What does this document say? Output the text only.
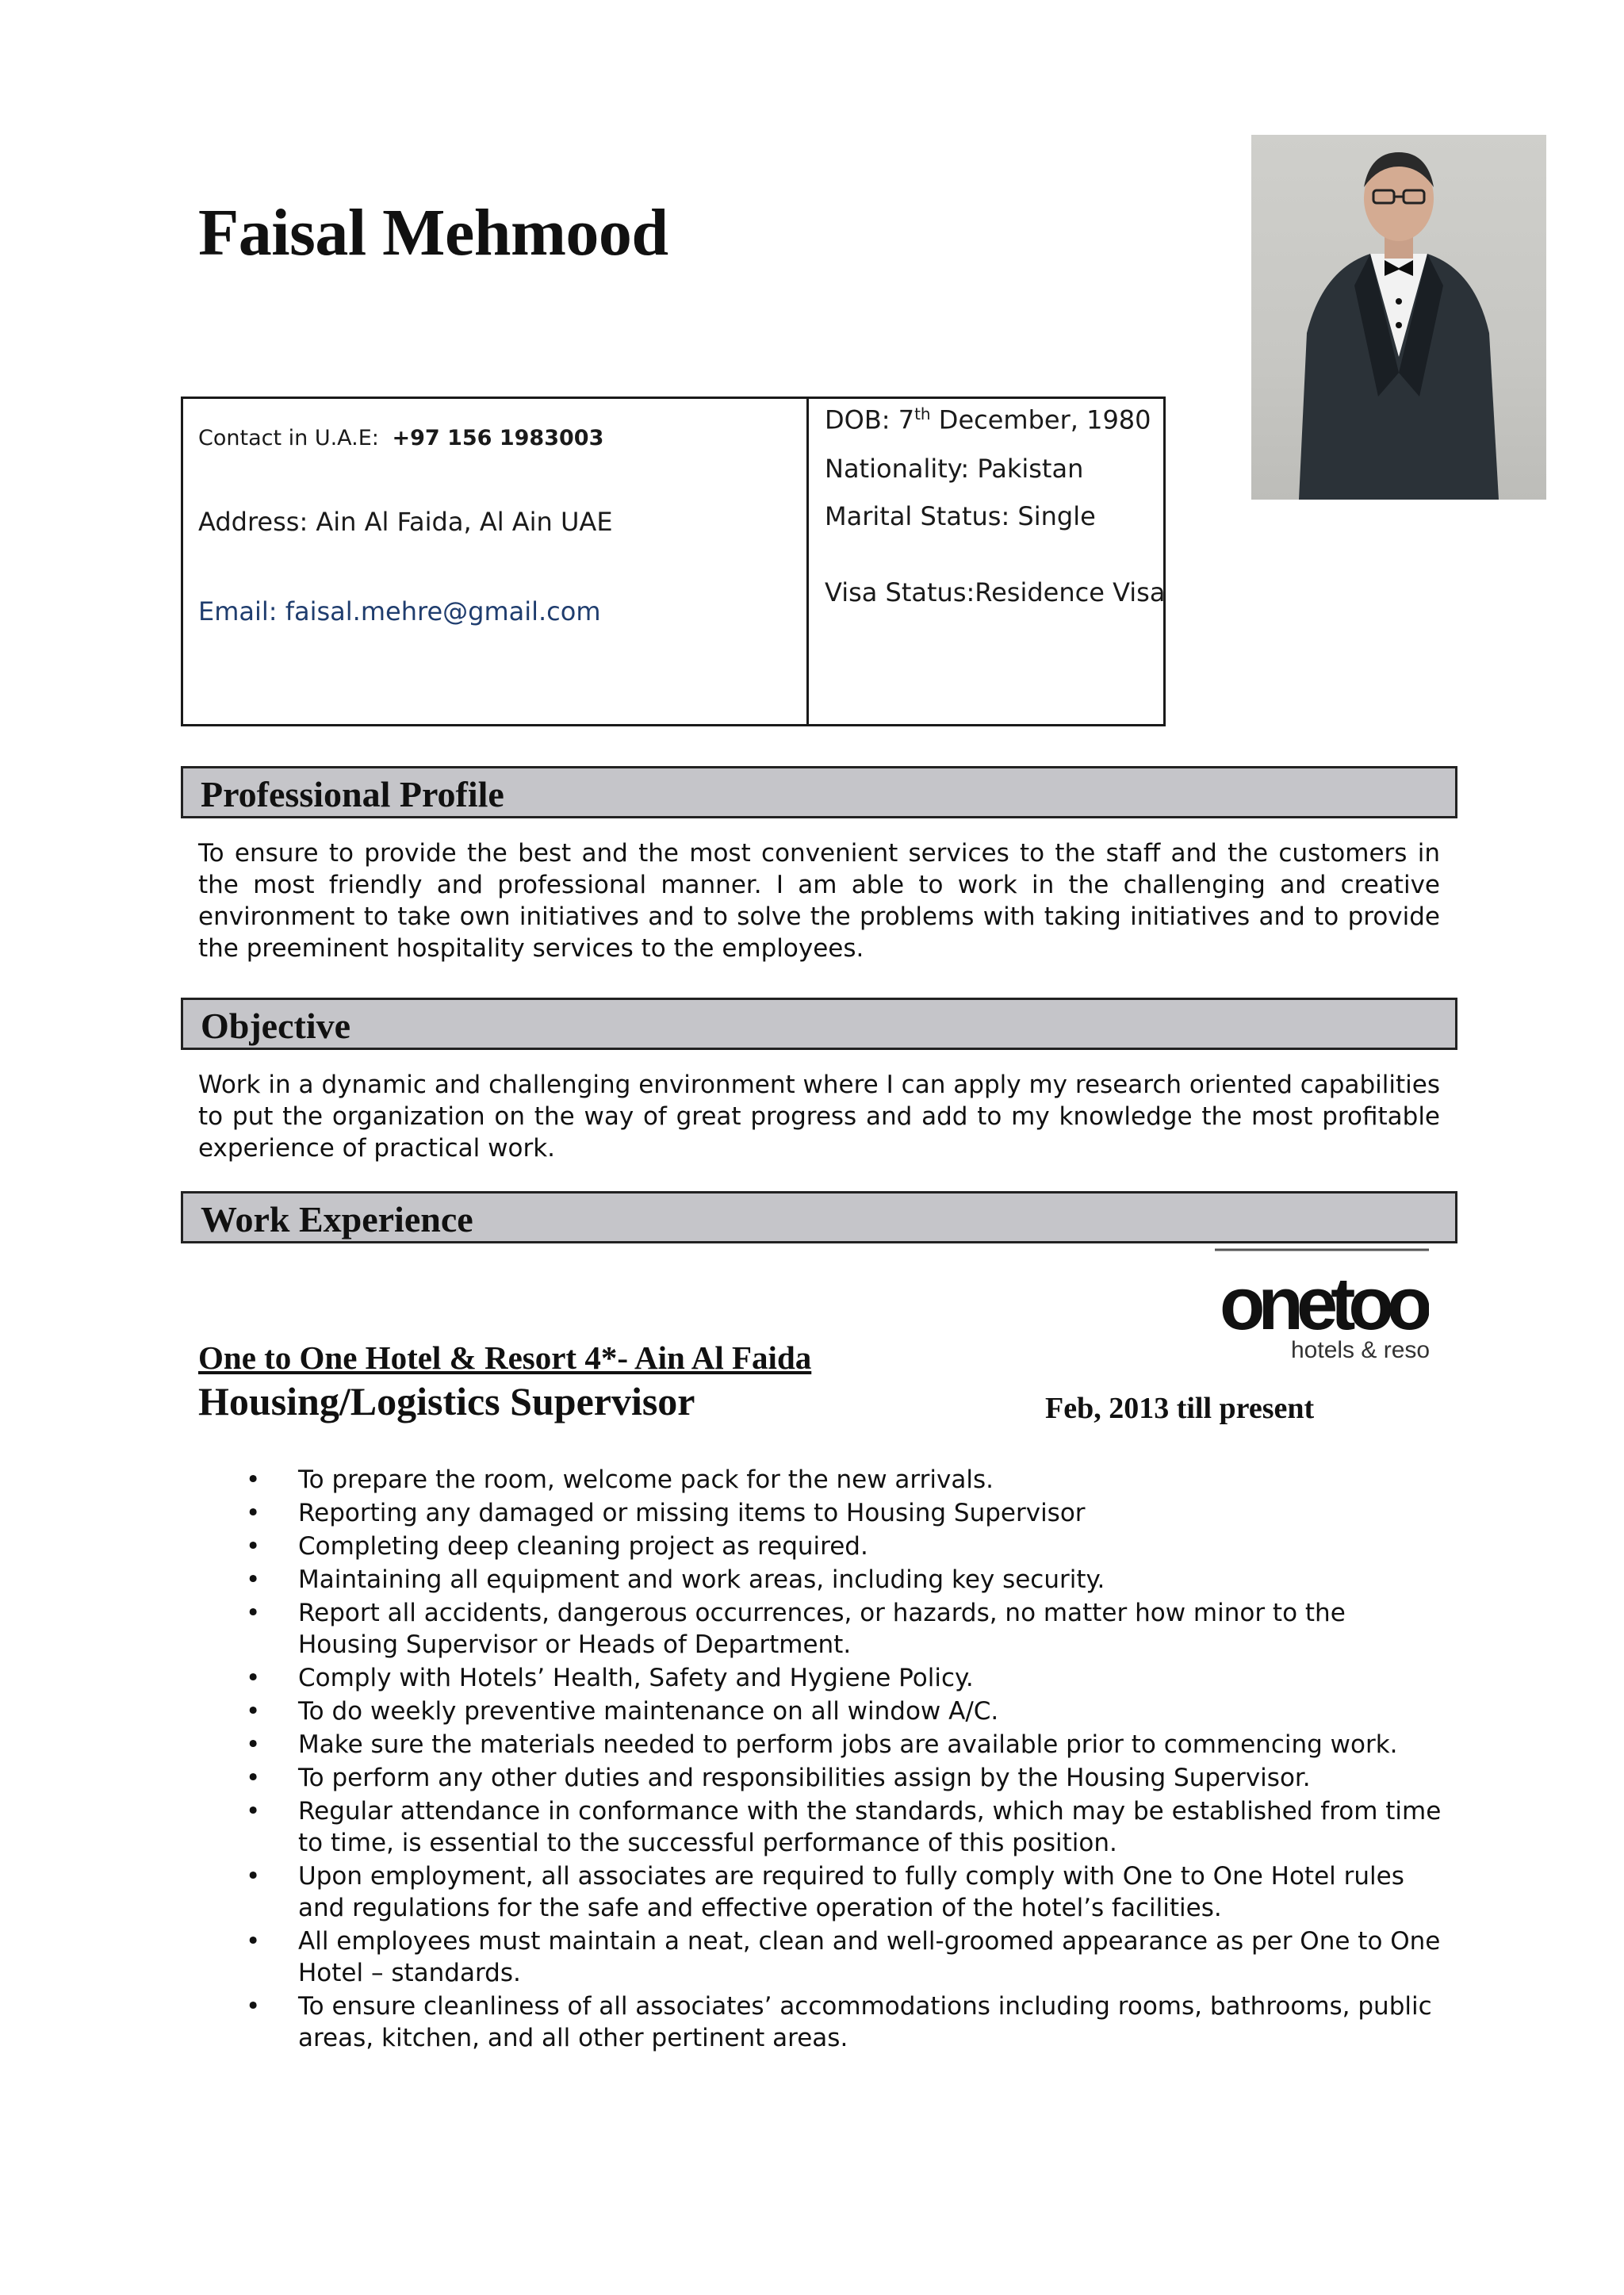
Faisal Mehmood
Contact in U.A.E: +97 156 1983003
Address: Ain Al Faida, Al Ain UAE
Email: faisal.mehre@gmail.com
DOB: 7th December, 1980
Nationality: Pakistan
Marital Status: Single
Visa Status:Residence Visa
Professional Profile
To ensure to provide the best and the most convenient services to the staff and the customers in the most friendly and professional manner. I am able to work in the challenging and creative environment to take own initiatives and to solve the problems with taking initiatives and to provide the preeminent hospitality services to the employees.
Objective
Work in a dynamic and challenging environment where I can apply my research oriented capabilities to put the organization on the way of great progress and add to my knowledge the most profitable experience of practical work.
Work Experience
onetoo
hotels & reso
One to One Hotel & Resort 4*- Ain Al Faida
Housing/Logistics Supervisor	Feb, 2013 till present
• To prepare the room, welcome pack for the new arrivals.
• Reporting any damaged or missing items to Housing Supervisor
• Completing deep cleaning project as required.
• Maintaining all equipment and work areas, including key security.
• Report all accidents, dangerous occurrences, or hazards, no matter how minor to the Housing Supervisor or Heads of Department.
• Comply with Hotels’ Health, Safety and Hygiene Policy.
• To do weekly preventive maintenance on all window A/C.
• Make sure the materials needed to perform jobs are available prior to commencing work.
• To perform any other duties and responsibilities assign by the Housing Supervisor.
• Regular attendance in conformance with the standards, which may be established from time to time, is essential to the successful performance of this position.
• Upon employment, all associates are required to fully comply with One to One Hotel rules and regulations for the safe and effective operation of the hotel’s facilities.
• All employees must maintain a neat, clean and well-groomed appearance as per One to One Hotel – standards.
• To ensure cleanliness of all associates’ accommodations including rooms, bathrooms, public areas, kitchen, and all other pertinent areas.
